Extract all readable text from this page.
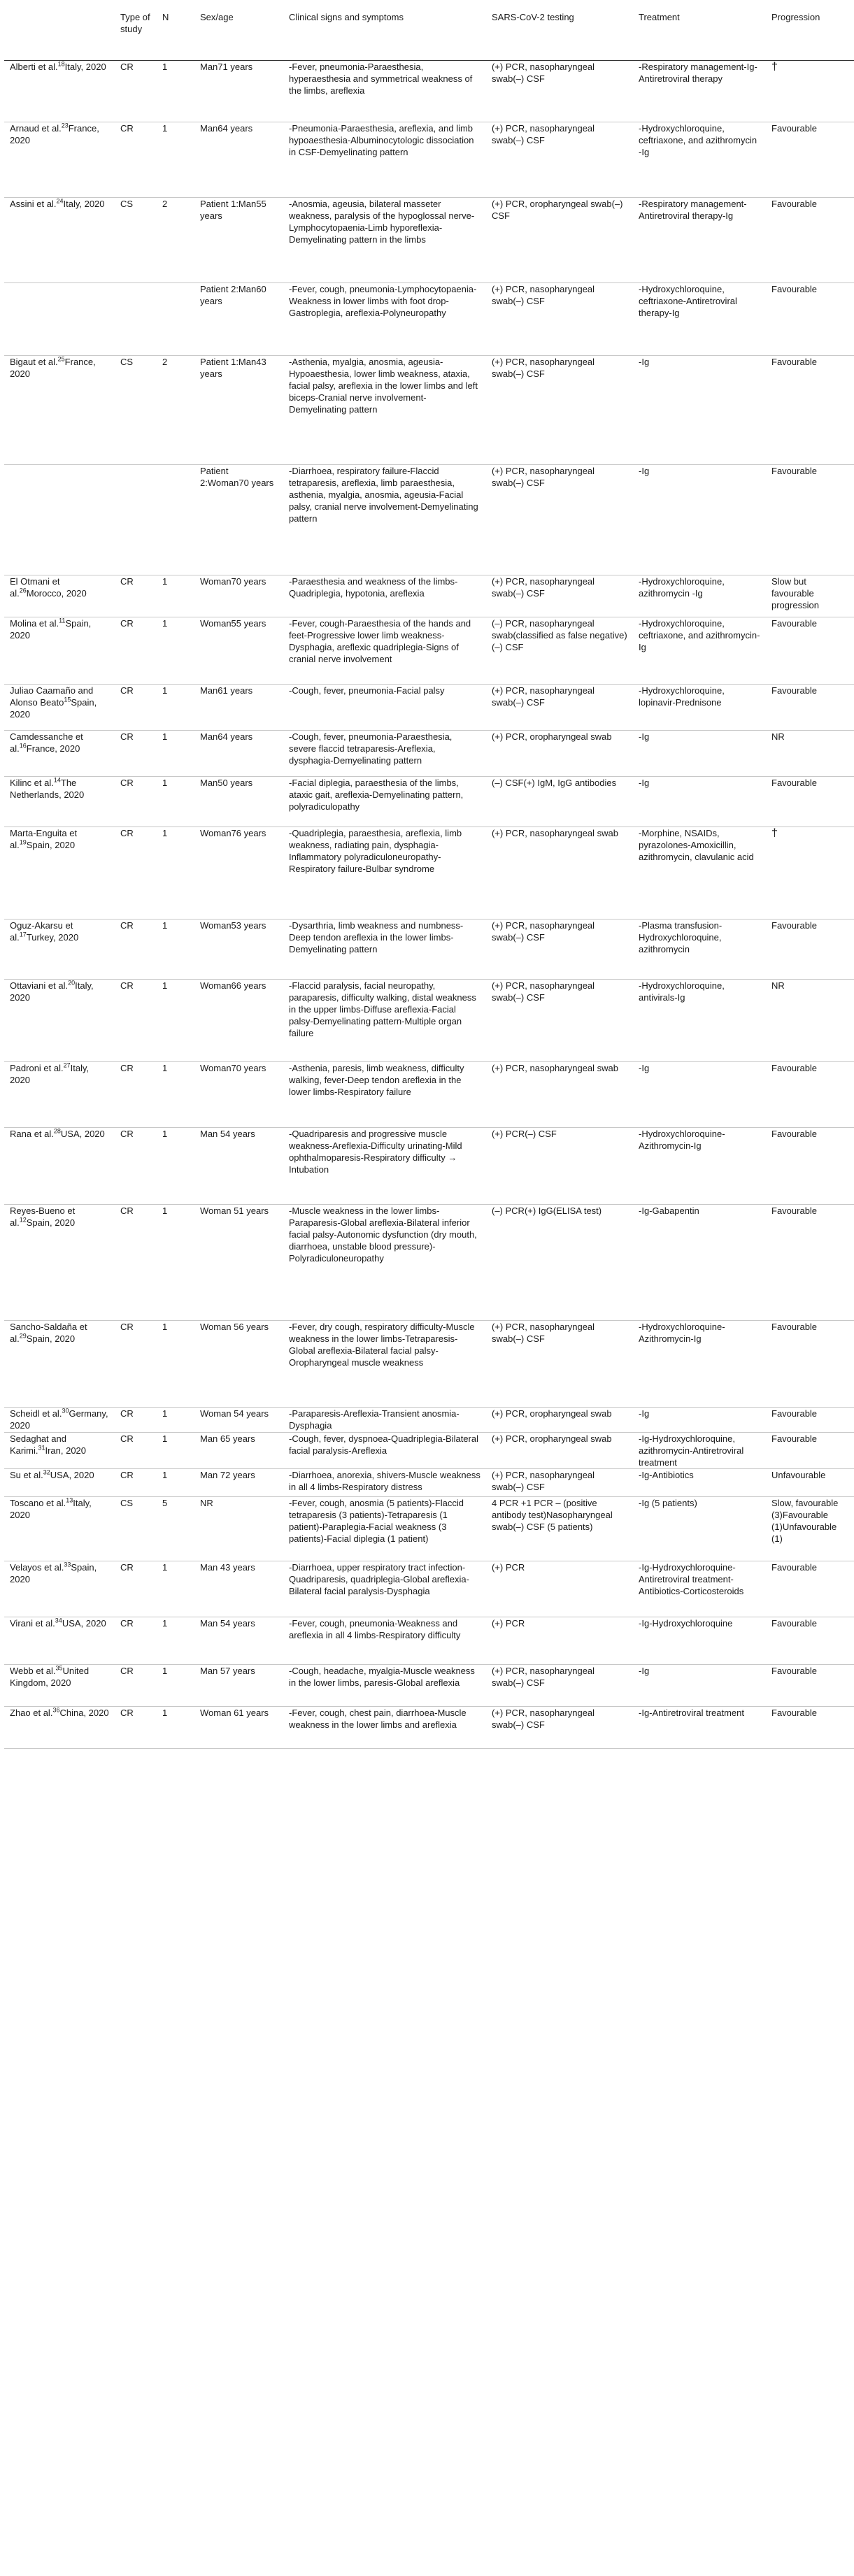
	Type of study	N	Sex/age	Clinical signs and symptoms	SARS-CoV-2 testing	Treatment	Progression
Alberti et al.$^{18}$Italy, 2020	CR	1	Man71 years	-Fever, pneumonia-Paraesthesia, hyperaesthesia and symmetrical weakness of the limbs, areflexia	(+) PCR, nasopharyngeal swab(–) CSF	-Respiratory management-Ig-Antiretroviral therapy	†
Arnaud et al.$^{23}$France, 2020	CR	1	Man64 years	-Pneumonia-Paraesthesia, areflexia, and limb hypoaesthesia-Albuminocytologic dissociation in CSF-Demyelinating pattern	(+) PCR, nasopharyngeal swab(–) CSF	-Hydroxychloroquine, ceftriaxone, and azithromycin -Ig	Favourable
Assini et al.$^{24}$Italy, 2020	CS	2	Patient 1:Man55 years	-Anosmia, ageusia, bilateral masseter weakness, paralysis of the hypoglossal nerve-Lymphocytopaenia-Limb hyporeflexia-Demyelinating pattern in the limbs	(+) PCR, oropharyngeal swab(–) CSF	-Respiratory management-Antiretroviral therapy-Ig	Favourable
			Patient 2:Man60 years	-Fever, cough, pneumonia-Lymphocytopaenia-Weakness in lower limbs with foot drop-Gastroplegia, areflexia-Polyneuropathy	(+) PCR, nasopharyngeal swab(–) CSF	-Hydroxychloroquine, ceftriaxone-Antiretroviral therapy-Ig	Favourable
Bigaut et al.$^{25}$France, 2020	CS	2	Patient 1:Man43 years	-Asthenia, myalgia, anosmia, ageusia-Hypoaesthesia, lower limb weakness, ataxia, facial palsy, areflexia in the lower limbs and left biceps-Cranial nerve involvement-Demyelinating pattern	(+) PCR, nasopharyngeal swab(–) CSF	-Ig	Favourable
			Patient 2:Woman70 years	-Diarrhoea, respiratory failure-Flaccid tetraparesis, areflexia, limb paraesthesia, asthenia, myalgia, anosmia, ageusia-Facial palsy, cranial nerve involvement-Demyelinating pattern	(+) PCR, nasopharyngeal swab(–) CSF	-Ig	Favourable
El Otmani et al.$^{26}$Morocco, 2020	CR	1	Woman70 years	-Paraesthesia and weakness of the limbs-Quadriplegia, hypotonia, areflexia	(+) PCR, nasopharyngeal swab(–) CSF	-Hydroxychloroquine, azithromycin -Ig	Slow but favourable progression
Molina et al.$^{11}$Spain, 2020	CR	1	Woman55 years	-Fever, cough-Paraesthesia of the hands and feet-Progressive lower limb weakness-Dysphagia, areflexic quadriplegia-Signs of cranial nerve involvement	(–) PCR, nasopharyngeal swab(classified as false negative)(–) CSF	-Hydroxychloroquine, ceftriaxone, and azithromycin-Ig	Favourable
Juliao Caamaño and Alonso Beato$^{15}$Spain, 2020	CR	1	Man61 years	-Cough, fever, pneumonia-Facial palsy	(+) PCR, nasopharyngeal swab(–) CSF	-Hydroxychloroquine, lopinavir-Prednisone	Favourable
Camdessanche et al.$^{16}$France, 2020	CR	1	Man64 years	-Cough, fever, pneumonia-Paraesthesia, severe flaccid tetraparesis-Areflexia, dysphagia-Demyelinating pattern	(+) PCR, oropharyngeal swab	-Ig	NR
Kilinc et al.$^{14}$The Netherlands, 2020	CR	1	Man50 years	-Facial diplegia, paraesthesia of the limbs, ataxic gait, areflexia-Demyelinating pattern, polyradiculopathy	(–) CSF(+) IgM, IgG antibodies	-Ig	Favourable
Marta-Enguita et al.$^{19}$Spain, 2020	CR	1	Woman76 years	-Quadriplegia, paraesthesia, areflexia, limb weakness, radiating pain, dysphagia-Inflammatory polyradiculoneuropathy-Respiratory failure-Bulbar syndrome	(+) PCR, nasopharyngeal swab	-Morphine, NSAIDs, pyrazolones-Amoxicillin, azithromycin, clavulanic acid	†
Oguz-Akarsu et al.$^{17}$Turkey, 2020	CR	1	Woman53 years	-Dysarthria, limb weakness and numbness-Deep tendon areflexia in the lower limbs-Demyelinating pattern	(+) PCR, nasopharyngeal swab(–) CSF	-Plasma transfusion-Hydroxychloroquine, azithromycin	Favourable
Ottaviani et al.$^{20}$Italy, 2020	CR	1	Woman66 years	-Flaccid paralysis, facial neuropathy, paraparesis, difficulty walking, distal weakness in the upper limbs-Diffuse areflexia-Facial palsy-Demyelinating pattern-Multiple organ failure	(+) PCR, nasopharyngeal swab(–) CSF	-Hydroxychloroquine, antivirals-Ig	NR
Padroni et al.$^{27}$Italy, 2020	CR	1	Woman70 years	-Asthenia, paresis, limb weakness, difficulty walking, fever-Deep tendon areflexia in the lower limbs-Respiratory failure	(+) PCR, nasopharyngeal swab	-Ig	Favourable
Rana et al.$^{28}$USA, 2020	CR	1	Man 54 years	-Quadriparesis and progressive muscle weakness-Areflexia-Difficulty urinating-Mild ophthalmoparesis-Respiratory difficulty → Intubation	(+) PCR(–) CSF	-Hydroxychloroquine-Azithromycin-Ig	Favourable
Reyes-Bueno et al.$^{12}$Spain, 2020	CR	1	Woman 51 years	-Muscle weakness in the lower limbs-Paraparesis-Global areflexia-Bilateral inferior facial palsy-Autonomic dysfunction (dry mouth, diarrhoea, unstable blood pressure)-Polyradiculoneuropathy	(–) PCR(+) IgG(ELISA test)	-Ig-Gabapentin	Favourable
Sancho-Saldaña et al.$^{29}$Spain, 2020	CR	1	Woman 56 years	-Fever, dry cough, respiratory difficulty-Muscle weakness in the lower limbs-Tetraparesis-Global areflexia-Bilateral facial palsy-Oropharyngeal muscle weakness	(+) PCR, nasopharyngeal swab(–) CSF	-Hydroxychloroquine-Azithromycin-Ig	Favourable
Scheidl et al.$^{30}$Germany, 2020	CR	1	Woman 54 years	-Paraparesis-Areflexia-Transient anosmia-Dysphagia	(+) PCR, oropharyngeal swab	-Ig	Favourable
Sedaghat and Karimi.$^{31}$Iran, 2020	CR	1	Man 65 years	-Cough, fever, dyspnoea-Quadriplegia-Bilateral facial paralysis-Areflexia	(+) PCR, oropharyngeal swab	-Ig-Hydroxychloroquine, azithromycin-Antiretroviral treatment	Favourable
Su et al.$^{32}$USA, 2020	CR	1	Man 72 years	-Diarrhoea, anorexia, shivers-Muscle weakness in all 4 limbs-Respiratory distress	(+) PCR, nasopharyngeal swab(–) CSF	-Ig-Antibiotics	Unfavourable
Toscano et al.$^{13}$Italy, 2020	CS	5	NR	-Fever, cough, anosmia (5 patients)-Flaccid tetraparesis (3 patients)-Tetraparesis (1 patient)-Paraplegia-Facial weakness (3 patients)-Facial diplegia (1 patient)	4 PCR +1 PCR – (positive antibody test)Nasopharyngeal swab(–) CSF (5 patients)	-Ig (5 patients)	Slow, favourable (3)Favourable (1)Unfavourable (1)
Velayos et al.$^{33}$Spain, 2020	CR	1	Man 43 years	-Diarrhoea, upper respiratory tract infection-Quadriparesis, quadriplegia-Global areflexia-Bilateral facial paralysis-Dysphagia	(+) PCR	-Ig-Hydroxychloroquine-Antiretroviral treatment-Antibiotics-Corticosteroids	Favourable
Virani et al.$^{34}$USA, 2020	CR	1	Man 54 years	-Fever, cough, pneumonia-Weakness and areflexia in all 4 limbs-Respiratory difficulty	(+) PCR	-Ig-Hydroxychloroquine	Favourable
Webb et al.$^{35}$United Kingdom, 2020	CR	1	Man 57 years	-Cough, headache, myalgia-Muscle weakness in the lower limbs, paresis-Global areflexia	(+) PCR, nasopharyngeal swab(–) CSF	-Ig	Favourable
Zhao et al.$^{36}$China, 2020	CR	1	Woman 61 years	-Fever, cough, chest pain, diarrhoea-Muscle weakness in the lower limbs and areflexia	(+) PCR, nasopharyngeal swab(–) CSF	-Ig-Antiretroviral treatment	Favourable
